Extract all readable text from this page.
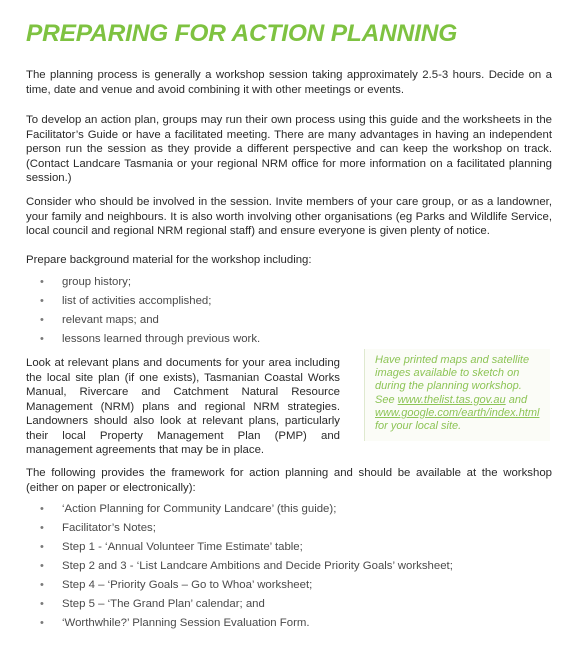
PREPARING FOR ACTION PLANNING

The planning process is generally a workshop session taking approximately 2.5-3 hours. Decide on a time, date and venue and avoid combining it with other meetings or events.

To develop an action plan, groups may run their own process using this guide and the worksheets in the Facilitator’s Guide or have a facilitated meeting. There are many advantages in having an independent person run the session as they provide a different perspective and can keep the workshop on track. (Contact Landcare Tasmania or your regional NRM office for more information on a facilitated planning session.)

Consider who should be involved in the session. Invite members of your care group, or as a landowner, your family and neighbours. It is also worth involving other organisations (eg Parks and Wildlife Service, local council and regional NRM regional staff) and ensure everyone is given plenty of notice.

Prepare background material for the workshop including:

• group history;
• list of activities accomplished;
• relevant maps; and
• lessons learned through previous work.

Look at relevant plans and documents for your area including the local site plan (if one exists), Tasmanian Coastal Works Manual, Rivercare and Catchment Natural Resource Management (NRM) plans and regional NRM strategies. Landowners should also look at relevant plans, particularly their local Property Management Plan (PMP) and management agreements that may be in place.

Have printed maps and satellite images available to sketch on during the planning workshop. See www.thelist.tas.gov.au and www.google.com/earth/index.html for your local site.

The following provides the framework for action planning and should be available at the workshop (either on paper or electronically):

• ‘Action Planning for Community Landcare’ (this guide);
• Facilitator’s Notes;
• Step 1 - ‘Annual Volunteer Time Estimate’ table;
• Step 2 and 3 - ‘List Landcare Ambitions and Decide Priority Goals’ worksheet;
• Step 4 – ‘Priority Goals – Go to Whoa’ worksheet;
• Step 5 – ‘The Grand Plan’ calendar; and
• ‘Worthwhile?’ Planning Session Evaluation Form.
